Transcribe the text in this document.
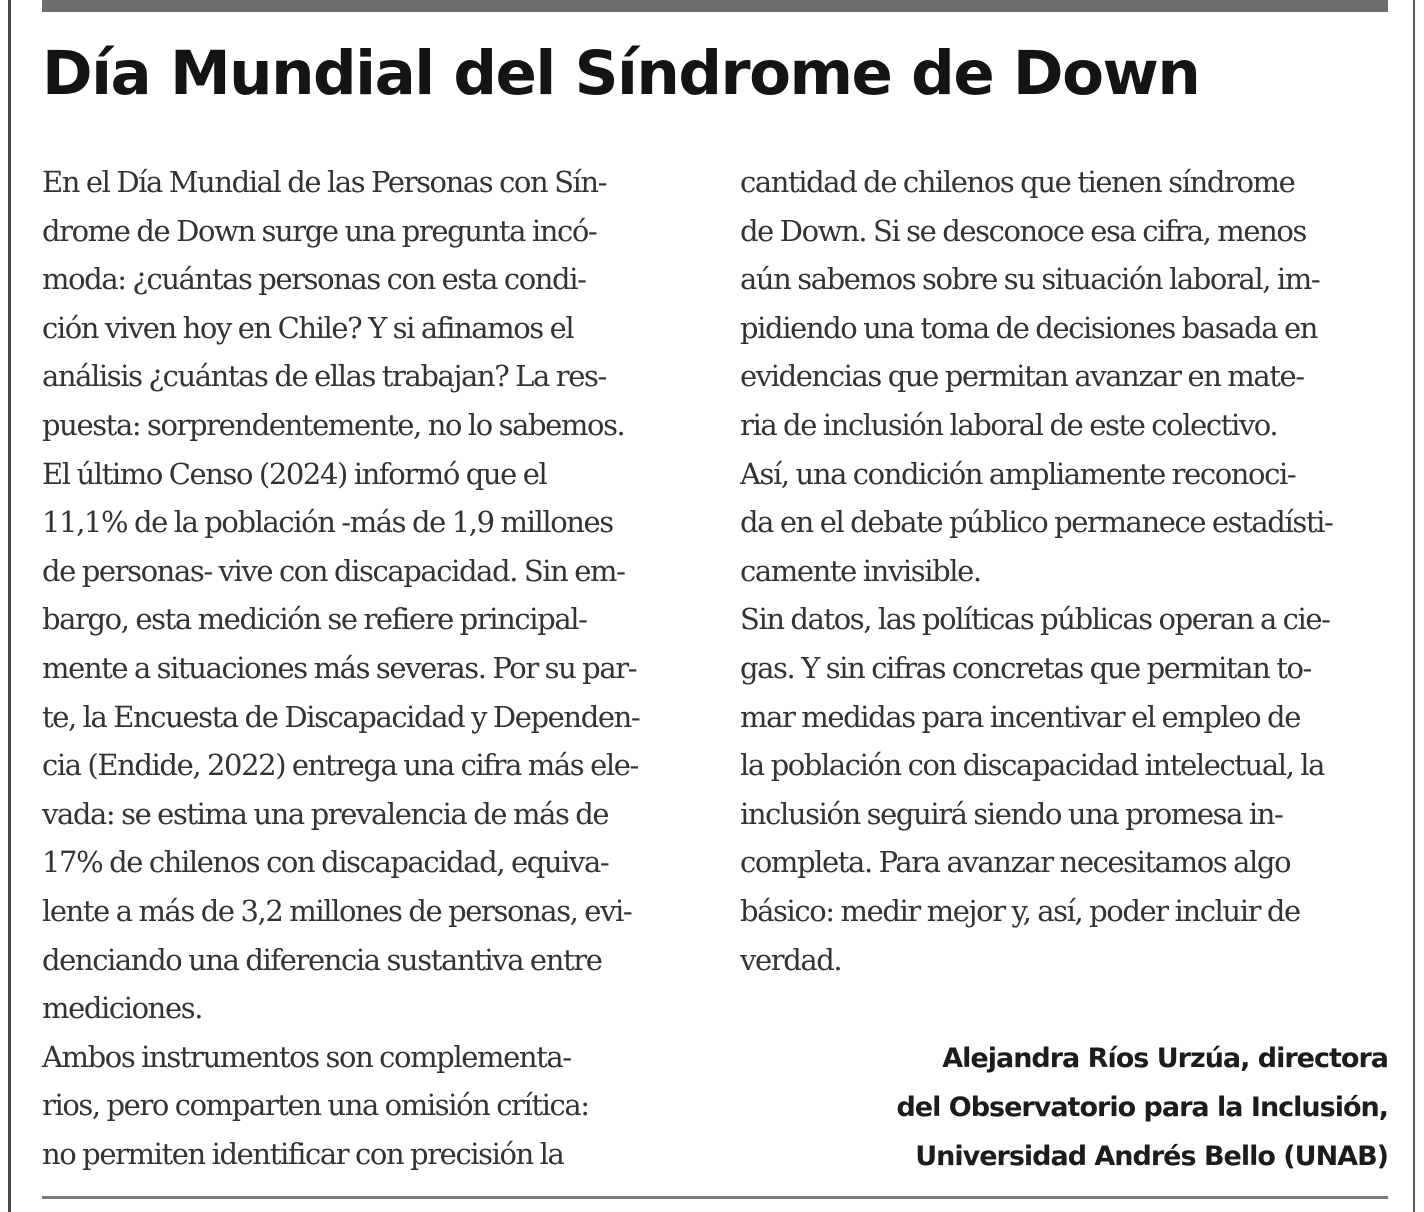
Día Mundial del Síndrome de Down
En el Día Mundial de las Personas con Sín-
drome de Down surge una pregunta incó-
moda: ¿cuántas personas con esta condi-
ción viven hoy en Chile? Y si afinamos el
análisis ¿cuántas de ellas trabajan? La res-
puesta: sorprendentemente, no lo sabemos.
El último Censo (2024) informó que el
11,1% de la población -más de 1,9 millones
de personas- vive con discapacidad. Sin em-
bargo, esta medición se refiere principal-
mente a situaciones más severas. Por su par-
te, la Encuesta de Discapacidad y Dependen-
cia (Endide, 2022) entrega una cifra más ele-
vada: se estima una prevalencia de más de
17% de chilenos con discapacidad, equiva-
lente a más de 3,2 millones de personas, evi-
denciando una diferencia sustantiva entre
mediciones.
Ambos instrumentos son complementa-
rios, pero comparten una omisión crítica:
no permiten identificar con precisión la
cantidad de chilenos que tienen síndrome
de Down. Si se desconoce esa cifra, menos
aún sabemos sobre su situación laboral, im-
pidiendo una toma de decisiones basada en
evidencias que permitan avanzar en mate-
ria de inclusión laboral de este colectivo.
Así, una condición ampliamente reconoci-
da en el debate público permanece estadísti-
camente invisible.
Sin datos, las políticas públicas operan a cie-
gas. Y sin cifras concretas que permitan to-
mar medidas para incentivar el empleo de
la población con discapacidad intelectual, la
inclusión seguirá siendo una promesa in-
completa. Para avanzar necesitamos algo
básico: medir mejor y, así, poder incluir de
verdad.
Alejandra Ríos Urzúa, directora
del Observatorio para la Inclusión,
Universidad Andrés Bello (UNAB)
